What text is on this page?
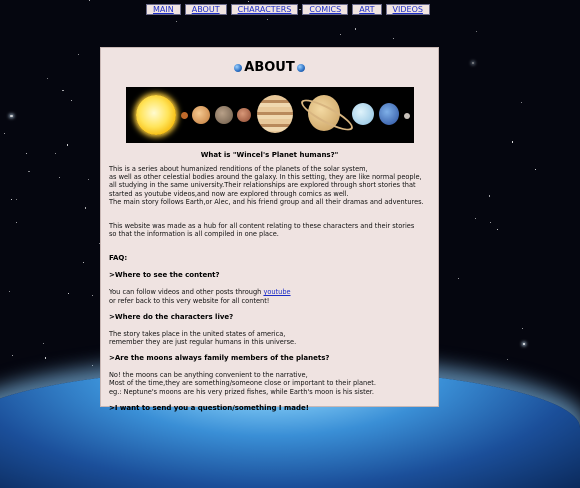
MAIN	ABOUT	CHARACTERS	COMICS	ART	VIDEOS
ABOUT
What is "Wincel's Planet humans?"

This is a series about humanized renditions of the planets of the solar system,

as well as other celestial bodies around the galaxy. In this setting, they are like normal people,

all studying in the same university.Their relationships are explored through short stories that

started as youtube videos,and now are explored through comics as well.

The main story follows Earth,or Alec, and his friend group and all their dramas and adventures.

This website was made as a hub for all content relating to these characters and their stories

so that the information is all compiled in one place.

FAQ:
>Where to see the content?

You can follow videos and other posts through youtube

or refer back to this very website for all content!

>Where do the characters live?

The story takes place in the united states of america,

remember they are just regular humans in this universe.

>Are the moons always family members of the planets?

No! the moons can be anything convenient to the narrative,

Most of the time,they are something/someone close or important to their planet.

eg.: Neptune's moons are his very prized fishes, while Earth's moon is his sister.

>I want to send you a question/something I made!
